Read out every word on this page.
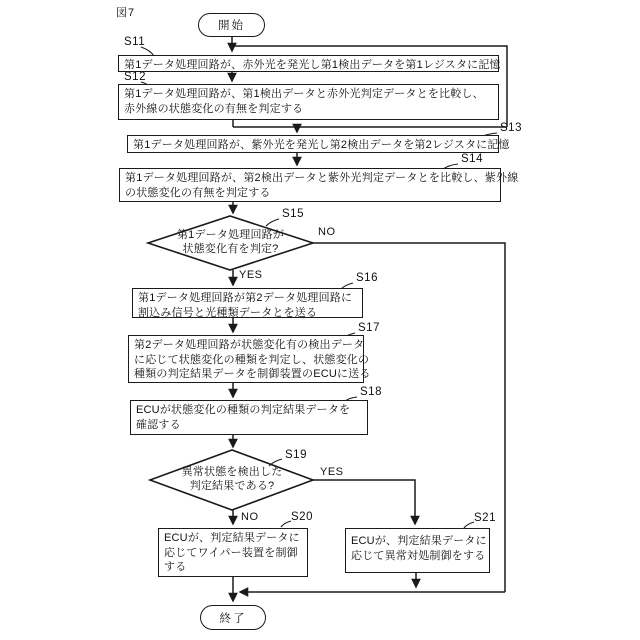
図7
開始
S11
第1データ処理回路が、赤外光を発光し第1検出データを第1レジスタに記憶
S12
第1データ処理回路が、第1検出データと赤外光判定データとを比較し、
赤外線の状態変化の有無を判定する
S13
第1データ処理回路が、紫外光を発光し第2検出データを第2レジスタに記憶
S14
第1データ処理回路が、第2検出データと紫外光判定データとを比較し、紫外線
の状態変化の有無を判定する
S15
第1データ処理回路が
状態変化有を判定?
NO
YES	S16
第1データ処理回路が第2データ処理回路に
割込み信号と光種類データとを送る
S17
第2データ処理回路が状態変化有の検出データ
に応じて状態変化の種類を判定し、状態変化の
種類の判定結果データを制御装置のECUに送る
S18
ECUが状態変化の種類の判定結果データを
確認する
S19
異常状態を検出した
判定結果である?
YES
NO	S20
ECUが、判定結果データに
応じてワイパー装置を制御
する
S21
ECUが、判定結果データに
応じて異常対処制御をする
終了
